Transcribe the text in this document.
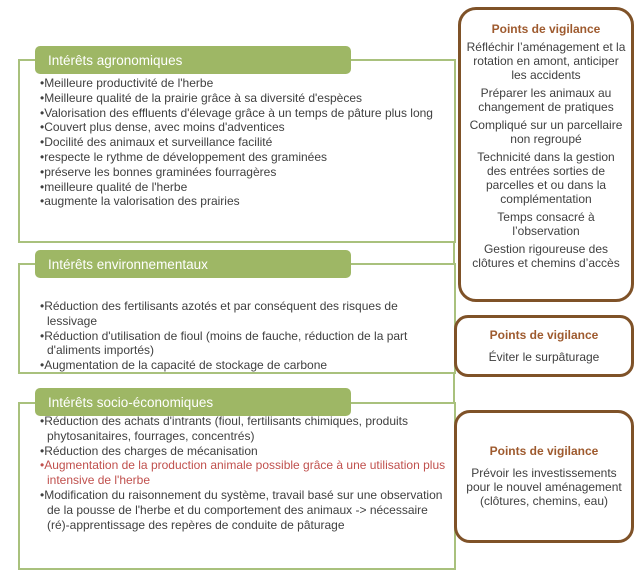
Intérêts agronomiques
Intérêts environnementaux
Intérêts socio-économiques
• Meilleure productivité de l'herbe
• Meilleure qualité de la prairie grâce à sa diversité d'espèces
• Valorisation des effluents d'élevage grâce à un temps de pâture plus long
• Couvert plus dense, avec moins d'adventices
• Docilité des animaux et surveillance facilité
• respecte le rythme de développement des graminées
• préserve les bonnes graminées fourragères
• meilleure qualité de l'herbe
• augmente la valorisation des prairies
• Réduction des fertilisants azotés et par conséquent des risques de lessivage
• Réduction d'utilisation de fioul (moins de fauche, réduction de la part d'aliments importés)
• Augmentation de la capacité de stockage de carbone
• Réduction des achats d'intrants (fioul, fertilisants chimiques, produits phytosanitaires, fourrages, concentrés)
• Réduction des charges de mécanisation
• Augmentation de la production animale possible grâce à une utilisation plus intensive de l'herbe
• Modification du raisonnement du système, travail basé sur une observation de la pousse de l'herbe et du comportement des animaux -> nécessaire (ré)-apprentissage des repères de conduite de pâturage
Points de vigilance
Réfléchir l’aménagement et la rotation en amont, anticiper les accidents
Préparer les animaux au changement de pratiques
Compliqué sur un parcellaire non regroupé
Technicité dans la gestion des entrées sorties de parcelles et ou dans la complémentation
Temps consacré à l’observation
Gestion rigoureuse des clôtures et chemins d’accès
Points de vigilance
Éviter le surpâturage
Points de vigilance
Prévoir les investissements pour le nouvel aménagement (clôtures, chemins, eau)
